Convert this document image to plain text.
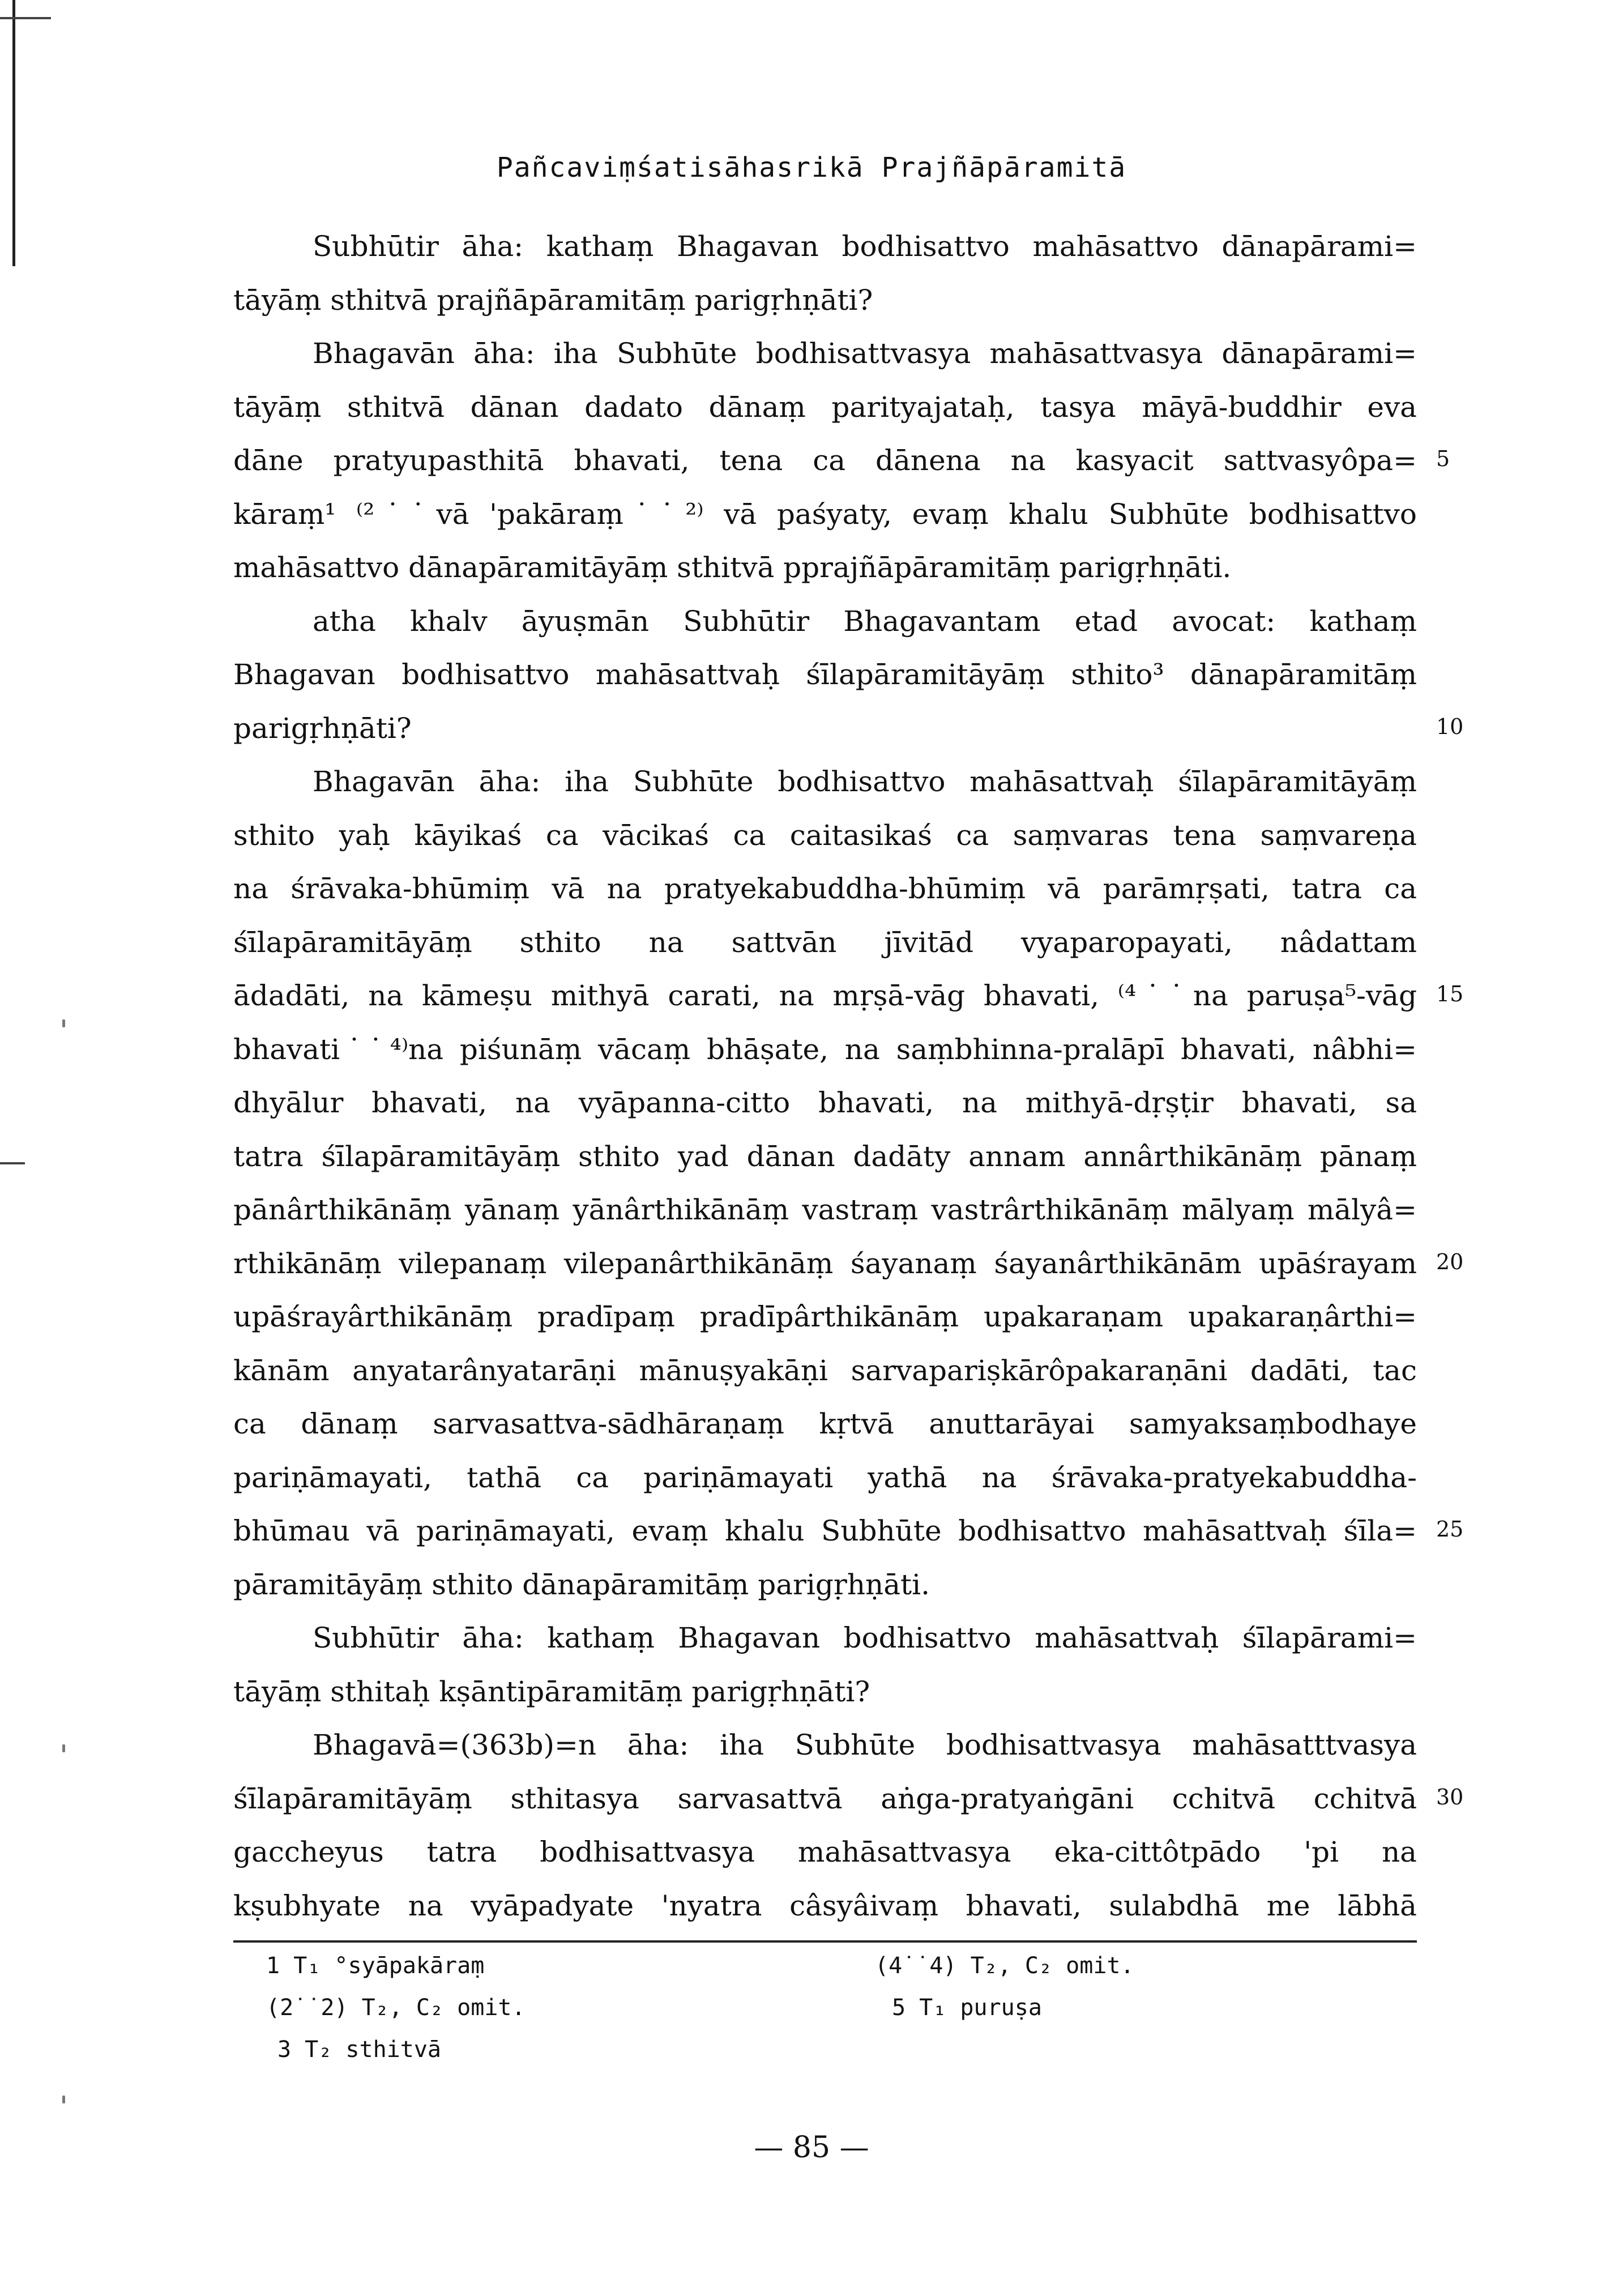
Pañcaviṃśatisāhasrikā Prajñāpāramitā
Subhūtir āha: kathaṃ Bhagavan bodhisattvo mahāsattvo dānapārami=
tāyāṃ sthitvā prajñāpāramitāṃ parigṛhṇāti?
Bhagavān āha: iha Subhūte bodhisattvasya mahāsattvasya dānapārami=
tāyāṃ sthitvā dānan dadato dānaṃ parityajataḥ, tasya māyā-buddhir eva
dāne pratyupasthitā bhavati, tena ca dānena na kasyacit sattvasyôpa=
kāraṃ¹ ⁽²˙˙vā 'pakāraṃ˙˙²⁾ vā paśyaty, evaṃ khalu Subhūte bodhisattvo
mahāsattvo dānapāramitāyāṃ sthitvā pprajñāpāramitāṃ parigṛhṇāti.
atha khalv āyuṣmān Subhūtir Bhagavantam etad avocat: kathaṃ
Bhagavan bodhisattvo mahāsattvaḥ śīlapāramitāyāṃ sthito³ dānapāramitāṃ
parigṛhṇāti?
Bhagavān āha: iha Subhūte bodhisattvo mahāsattvaḥ śīlapāramitāyāṃ
sthito yaḥ kāyikaś ca vācikaś ca caitasikaś ca saṃvaras tena saṃvareṇa
na śrāvaka-bhūmiṃ vā na pratyekabuddha-bhūmiṃ vā parāmṛṣati, tatra ca
śīlapāramitāyāṃ sthito na sattvān jīvitād vyaparopayati, nâdattam
ādadāti, na kāmeṣu mithyā carati, na mṛṣā-vāg bhavati, ⁽⁴˙˙na paruṣa⁵-vāg
bhavati˙˙⁴⁾na piśunāṃ vācaṃ bhāṣate, na saṃbhinna-pralāpī bhavati, nâbhi=
dhyālur bhavati, na vyāpanna-citto bhavati, na mithyā-dṛṣṭir bhavati, sa
tatra śīlapāramitāyāṃ sthito yad dānan dadāty annam annârthikānāṃ pānaṃ
pānârthikānāṃ yānaṃ yānârthikānāṃ vastraṃ vastrârthikānāṃ mālyaṃ mālyâ=
rthikānāṃ vilepanaṃ vilepanârthikānāṃ śayanaṃ śayanârthikānām upāśrayam
upāśrayârthikānāṃ pradīpaṃ pradīpârthikānāṃ upakaraṇam upakaraṇârthi=
kānām anyatarânyatarāṇi mānuṣyakāṇi sarvapariṣkārôpakaraṇāni dadāti, tac
ca dānaṃ sarvasattva-sādhāraṇaṃ kṛtvā anuttarāyai samyaksaṃbodhaye
pariṇāmayati, tathā ca pariṇāmayati yathā na śrāvaka-pratyekabuddha-
bhūmau vā pariṇāmayati, evaṃ khalu Subhūte bodhisattvo mahāsattvaḥ śīla=
pāramitāyāṃ sthito dānapāramitāṃ parigṛhṇāti.
Subhūtir āha: kathaṃ Bhagavan bodhisattvo mahāsattvaḥ śīlapārami=
tāyāṃ sthitaḥ kṣāntipāramitāṃ parigṛhṇāti?
Bhagavā=(363b)=n āha: iha Subhūte bodhisattvasya mahāsatttvasya
śīlapāramitāyāṃ sthitasya sarvasattvā aṅga-pratyaṅgāni cchitvā cchitvā
gaccheyus tatra bodhisattvasya mahāsattvasya eka-cittôtpādo 'pi na
kṣubhyate na vyāpadyate 'nyatra câsyâivaṃ bhavati, sulabdhā me lābhā
5
10
15
20
25
30
1 T₁ °syāpakāraṃ
(2˙˙2) T₂, C₂ omit.
3 T₂ sthitvā
(4˙˙4) T₂, C₂ omit.
5 T₁ puruṣa
— 85 —
